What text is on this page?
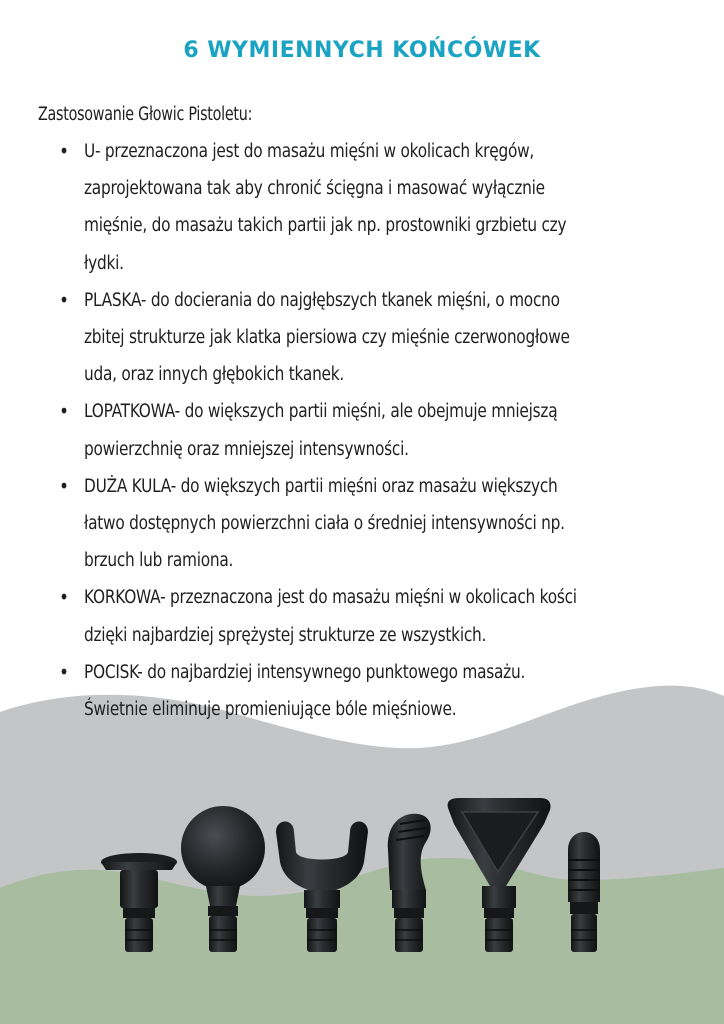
6 WYMIENNYCH KOŃCÓWEK

Zastosowanie Głowic Pistoletu:

• U- przeznaczona jest do masażu mięśni w okolicach kręgów,
zaprojektowana tak aby chronić ścięgna i masować wyłącznie
mięśnie, do masażu takich partii jak np. prostowniki grzbietu czy
łydki.
• PLASKA- do docierania do najgłębszych tkanek mięśni, o mocno
zbitej strukturze jak klatka piersiowa czy mięśnie czerwonogłowe
uda, oraz innych głębokich tkanek.
• LOPATKOWA- do większych partii mięśni, ale obejmuje mniejszą
powierzchnię oraz mniejszej intensywności.
• DUŻA KULA- do większych partii mięśni oraz masażu większych
łatwo dostępnych powierzchni ciała o średniej intensywności np.
brzuch lub ramiona.
• KORKOWA- przeznaczona jest do masażu mięśni w okolicach kości
dzięki najbardziej sprężystej strukturze ze wszystkich.
• POCISK- do najbardziej intensywnego punktowego masażu.
Świetnie eliminuje promieniujące bóle mięśniowe.
